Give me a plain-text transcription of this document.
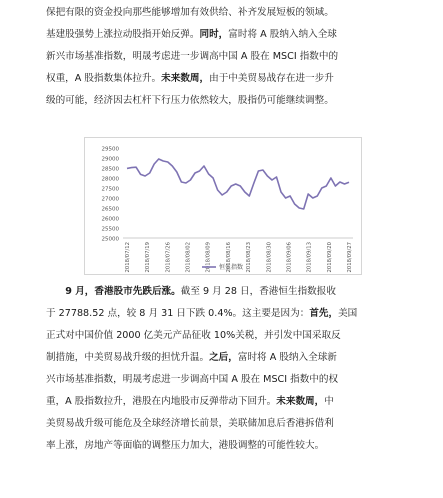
保把有限的资金投向那些能够增加有效供给、补齐发展短板的领域。

基建股强势上涨拉动股指开始反弹。同时，富时将 A 股纳入纳入全球

新兴市场基准指数，明晟考虑进一步调高中国 A 股在 MSCI 指数中的

权重，A 股指数集体拉升。未来数周，由于中美贸易战存在进一步升

级的可能，经济因去杠杆下行压力依然较大，股指仍可能继续调整。

29500
29000
28500
28000
27500
27000
26500
26000
25500
25000
2018/07/12	2018/07/19	2018/07/26	2018/08/02	2018/08/09	2018/08/16	2018/08/23	2018/08/30	2018/09/06	2018/09/13	2018/09/20	2018/09/27
恒生指数

　　9 月，香港股市先跌后涨。截至 9 月 28 日，香港恒生指数报收

于 27788.52 点，较 8 月 31 日下跌 0.4%。这主要是因为：首先，美国

正式对中国价值 2000 亿美元产品征收 10%关税，并引发中国采取反

制措施，中美贸易战升级的担忧升温。之后，富时将 A 股纳入全球新

兴市场基准指数，明晟考虑进一步调高中国 A 股在 MSCI 指数中的权

重，A 股指数拉升，港股在内地股市反弹带动下回升。未来数周，中

美贸易战升级可能危及全球经济增长前景，美联储加息后香港拆借利

率上涨，房地产等面临的调整压力加大，港股调整的可能性较大。
